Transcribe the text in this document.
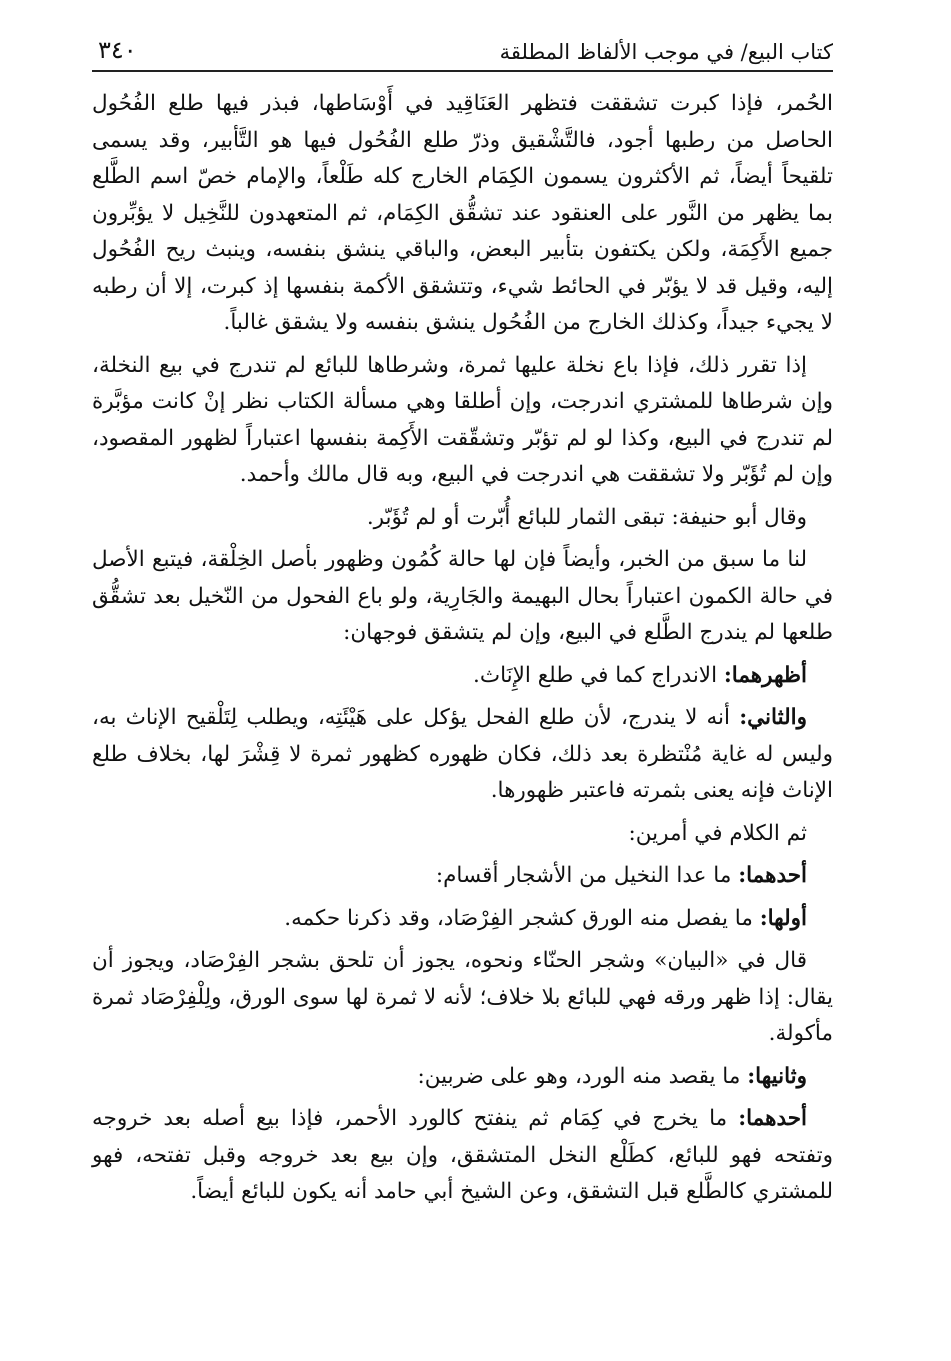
كتاب البيع/ في موجب الألفاظ المطلقة
٣٤٠

الحُمر، فإذا كبرت تشققت فتظهر العَنَاقِيد في أَوْسَاطها، فبذر فيها طلع الفُحُول الحاصل من رطبها أجود، فالتَّشْقيق وذرّ طلع الفُحُول فيها هو التَّأبير، وقد يسمى تلقيحاً أيضاً، ثم الأكثرون يسمون الكِمَام الخارج كله طَلْعاً، والإمام خصّ اسم الطَّلع بما يظهر من النَّور على العنقود عند تشقُّق الكِمَام، ثم المتعهدون للنَّخِيل لا يؤبِّرون جميع الأَكِمَة، ولكن يكتفون بتأبير البعض، والباقي ينشق بنفسه، وينبث ريح الفُحُول إليه، وقيل قد لا يؤبّر في الحائط شيء، وتتشقق الأكمة بنفسها إذ كبرت، إلا أن رطبه لا يجيء جيداً، وكذلك الخارج من الفُحُول ينشق بنفسه ولا يشقق غالباً.

إذا تقرر ذلك، فإذا باع نخلة عليها ثمرة، وشرطاها للبائع لم تندرج في بيع النخلة، وإن شرطاها للمشتري اندرجت، وإن أطلقا وهي مسألة الكتاب نظر إنْ كانت مؤبَّرة لم تندرج في البيع، وكذا لو لم تؤبّر وتشقّقت الأَكِمة بنفسها اعتباراً لظهور المقصود، وإن لم تُؤَبّر ولا تشققت هي اندرجت في البيع، وبه قال مالك وأحمد.

وقال أبو حنيفة: تبقى الثمار للبائع أُبّرت أو لم تُؤَبّر.

لنا ما سبق من الخبر، وأيضاً فإن لها حالة كُمُون وظهور بأصل الخِلْقة، فيتبع الأصل في حالة الكمون اعتباراً بحال البهيمة والجَارِية، ولو باع الفحول من النّخيل بعد تشقُّق طلعها لم يندرج الطَّلع في البيع، وإن لم يتشقق فوجهان:

أظهرهما: الاندراج كما في طلع الإِنَاث.

والثاني: أنه لا يندرج، لأن طلع الفحل يؤكل على هَيْئَتِه، ويطلب لِتَلْقيح الإناث به، وليس له غاية مُنْتظرة بعد ذلك، فكان ظهوره كظهور ثمرة لا قِشْرَ لها، بخلاف طلع الإناث فإنه يعنى بثمرته فاعتبر ظهورها.

ثم الكلام في أمرين:

أحدهما: ما عدا النخيل من الأشجار أقسام:

أولها: ما يفصل منه الورق كشجر الفِرْصَاد، وقد ذكرنا حكمه.

قال في «البيان» وشجر الحنّاء ونحوه، يجوز أن تلحق بشجر الفِرْصَاد، ويجوز أن يقال: إذا ظهر ورقه فهي للبائع بلا خلاف؛ لأنه لا ثمرة لها سوى الورق، ولِلْفِرْصَاد ثمرة مأكولة.

وثانيها: ما يقصد منه الورد، وهو على ضربين:

أحدهما: ما يخرج في كِمَام ثم ينفتح كالورد الأحمر، فإذا بيع أصله بعد خروجه وتفتحه فهو للبائع، كطَلْع النخل المتشقق، وإن بيع بعد خروجه وقبل تفتحه، فهو للمشتري كالطَّلع قبل التشقق، وعن الشيخ أبي حامد أنه يكون للبائع أيضاً.
